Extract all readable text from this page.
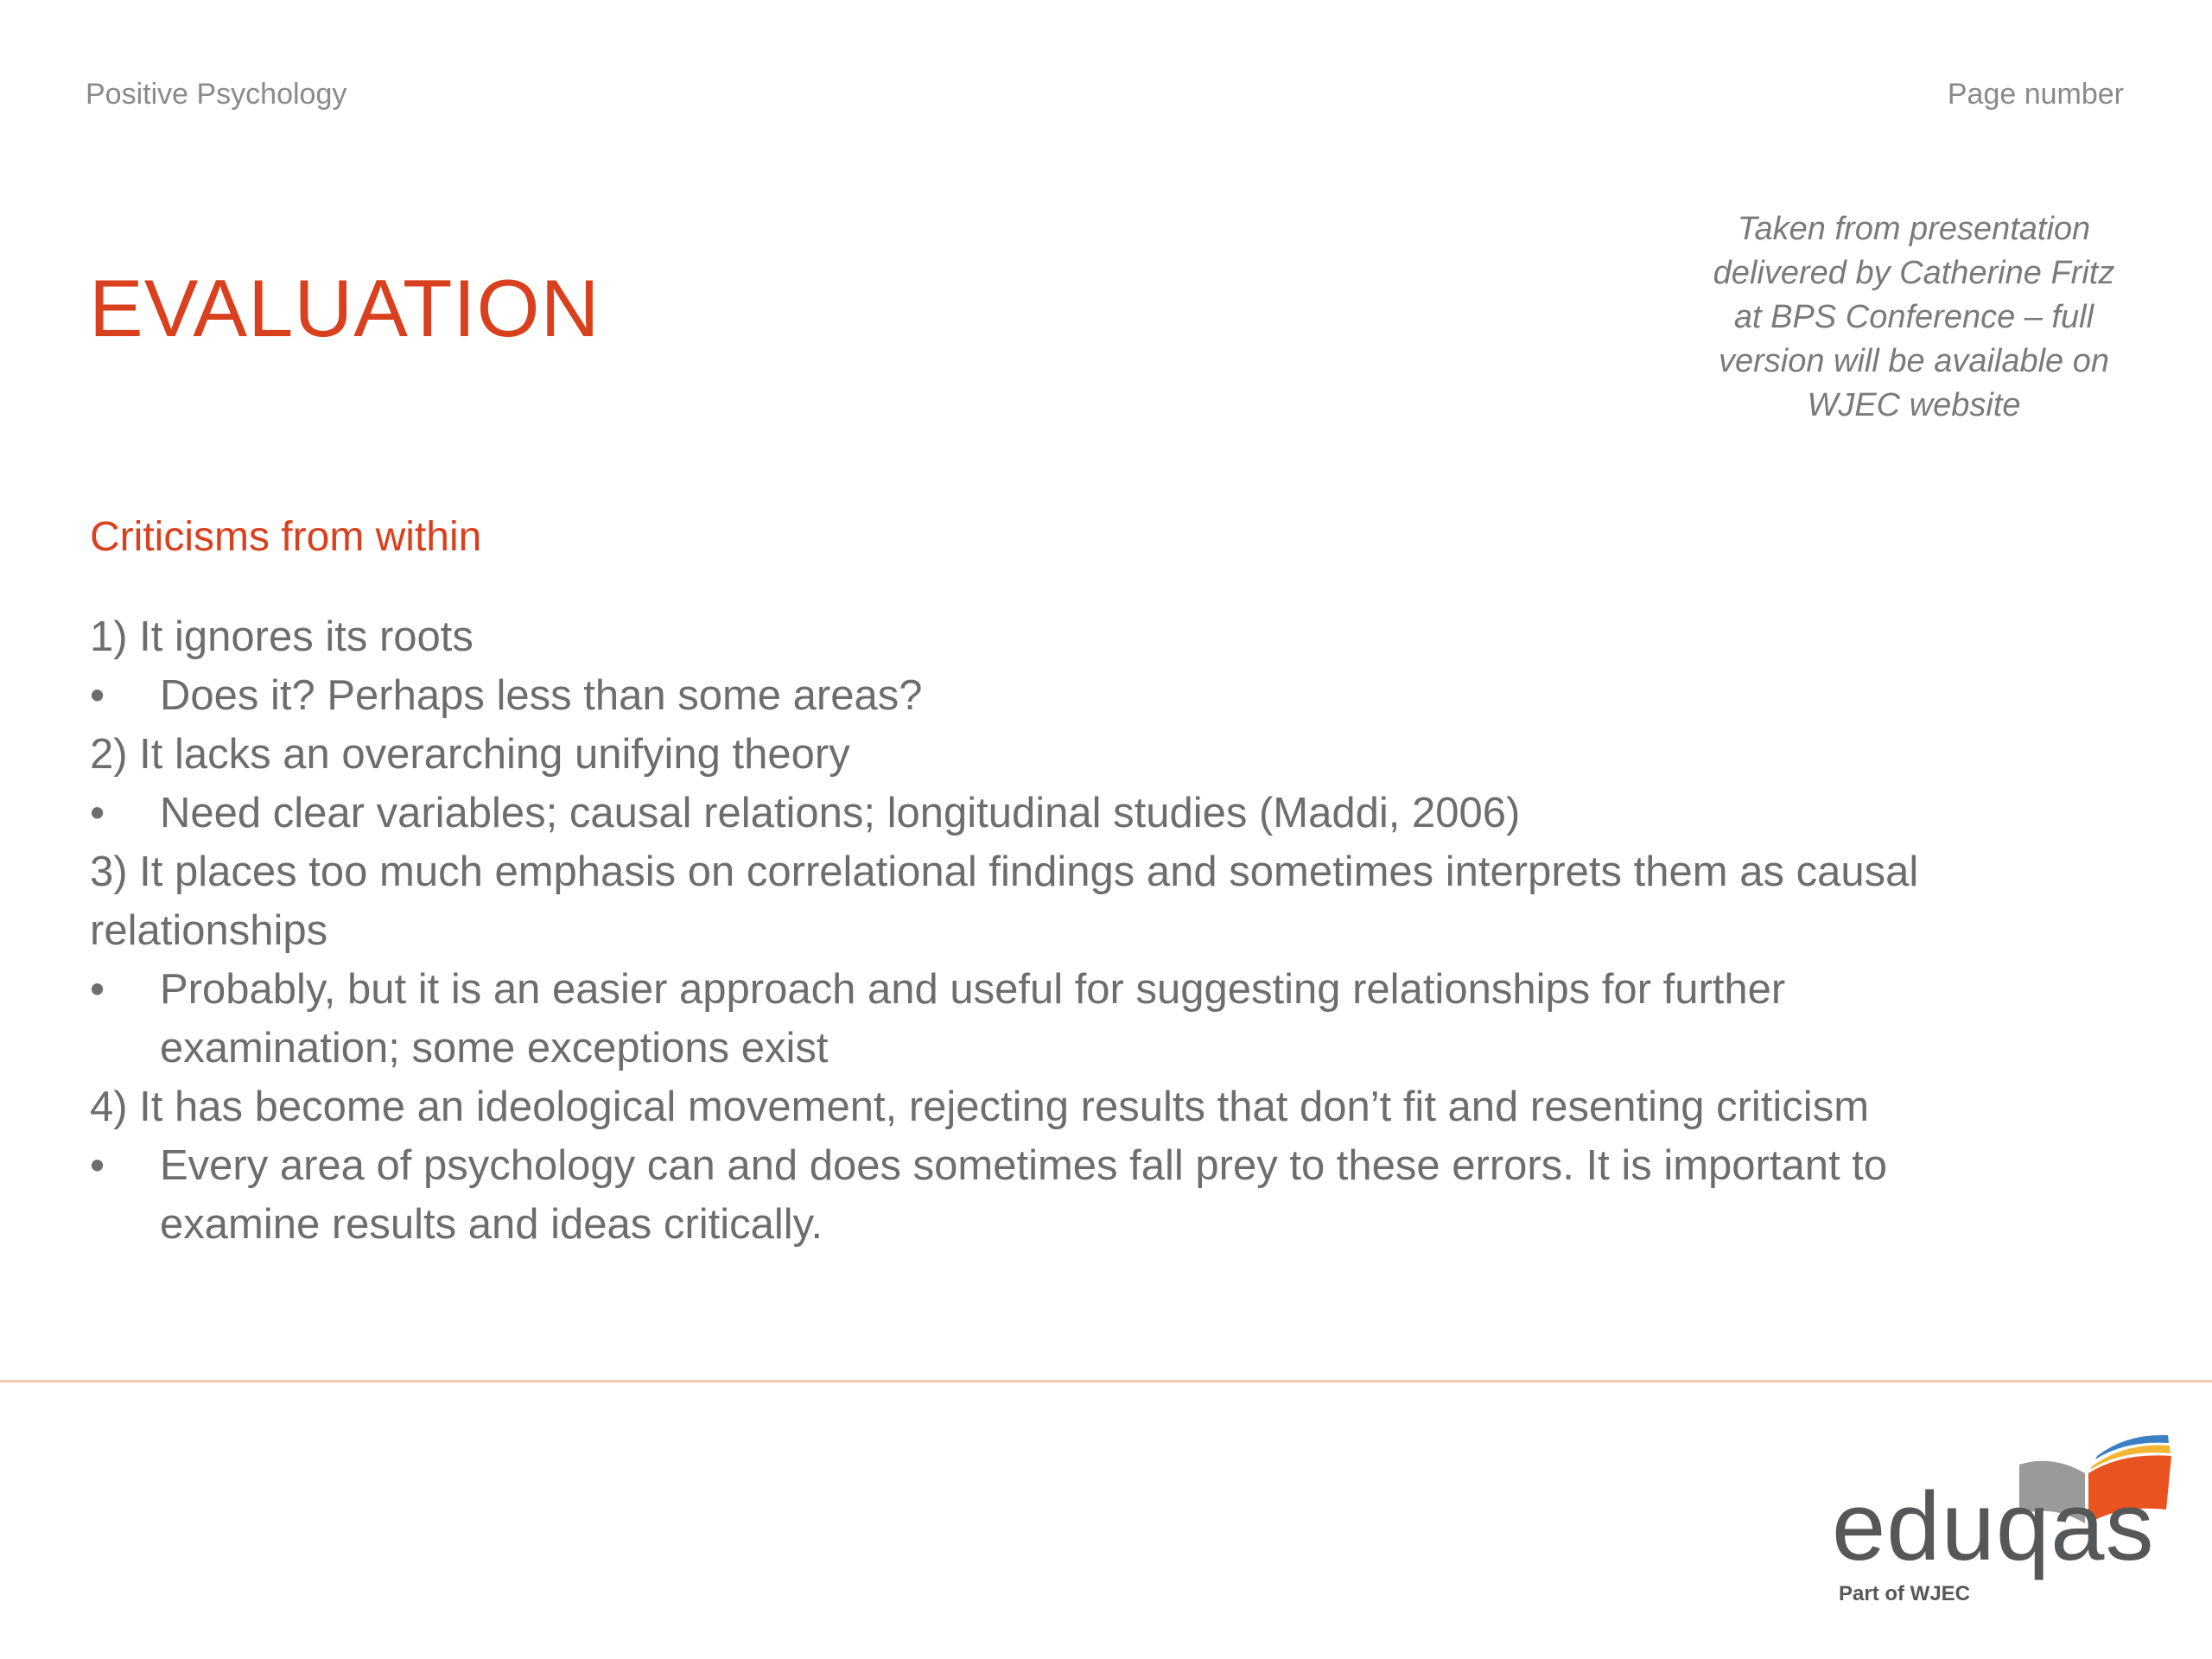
Positive Psychology	Page number
EVALUATION
Taken from presentation
delivered by Catherine Fritz
at BPS Conference – full
version will be available on
WJEC website
Criticisms from within

1) It ignores its roots

• Does it? Perhaps less than some areas?

2) It lacks an overarching unifying theory

• Need clear variables; causal relations; longitudinal studies (Maddi, 2006)

3) It places too much emphasis on correlational findings and sometimes interprets them as causal
relationships

• Probably, but it is an easier approach and useful for suggesting relationships for further
examination; some exceptions exist

4) It has become an ideological movement, rejecting results that don’t fit and resenting criticism

• Every area of psychology can and does sometimes fall prey to these errors. It is important to
examine results and ideas critically.

eduqas
Part of WJEC
